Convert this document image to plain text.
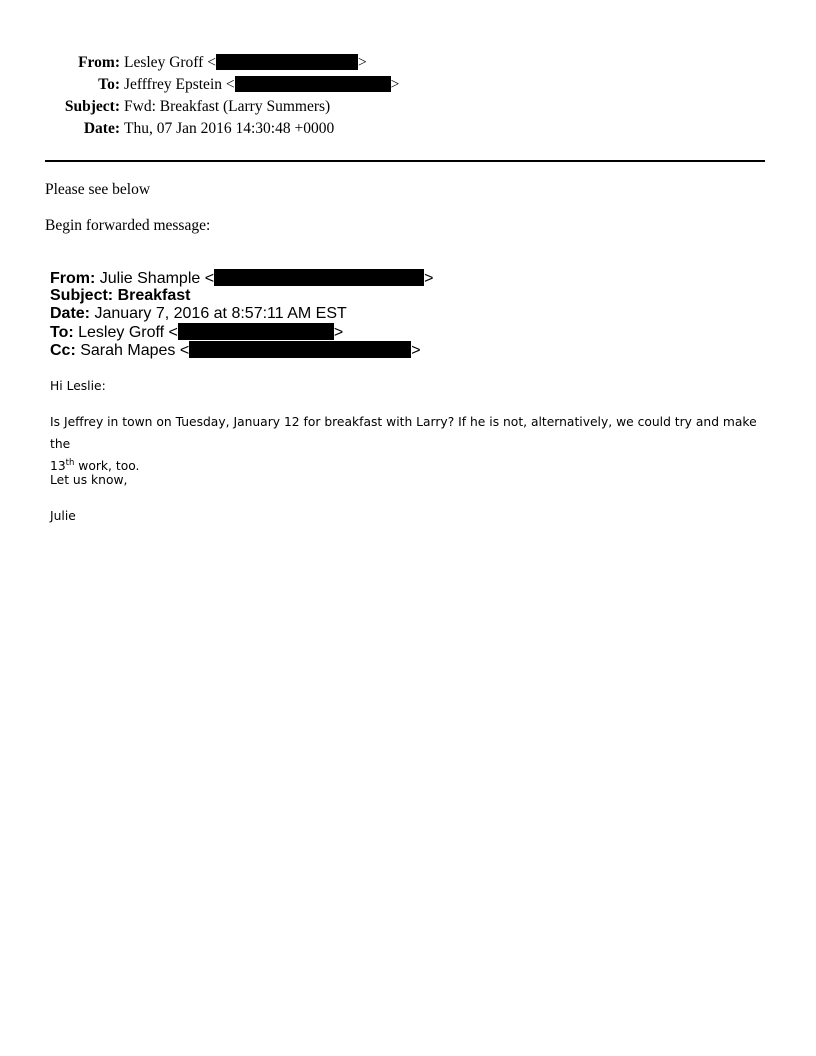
From: Lesley Groff <	>
To: Jefffrey Epstein <	>
Subject: Fwd: Breakfast (Larry Summers)
Date: Thu, 07 Jan 2016 14:30:48 +0000
Please see below
Begin forwarded message:
From: Julie Shample <	>
Subject: Breakfast
Date: January 7, 2016 at 8:57:11 AM EST
To: Lesley Groff <	>
Cc: Sarah Mapes <	>
Hi Leslie:

Is Jeffrey in town on Tuesday, January 12 for breakfast with Larry? If he is not, alternatively, we could try and make the

13th work, too.

Let us know,
Julie
